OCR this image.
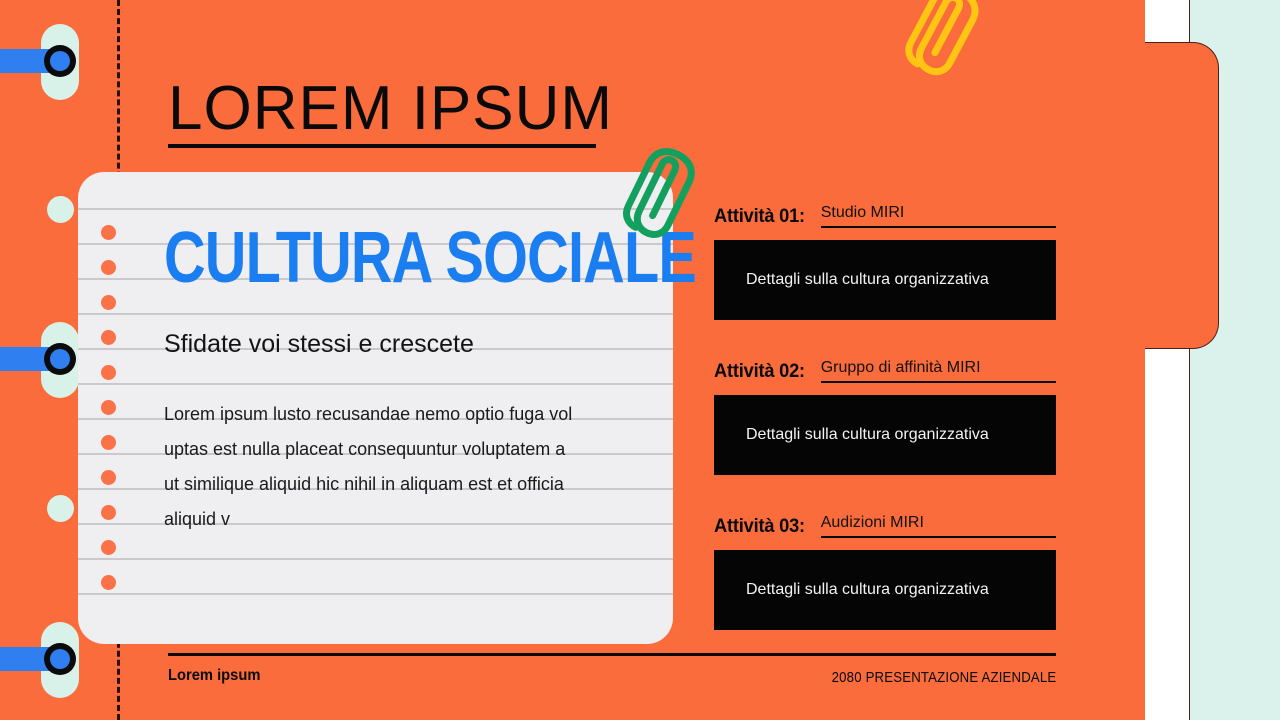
LOREM IPSUM
CULTURA SOCIALE
Sfidate voi stessi e crescete
Lorem ipsum lusto recusandae nemo optio fuga vol
uptas est nulla placeat consequuntur voluptatem a
ut similique aliquid hic nihil in aliquam est et officia
aliquid v
Attività 01: Studio MIRI
Dettagli sulla cultura organizzativa
Attività 02: Gruppo di affinità MIRI
Dettagli sulla cultura organizzativa
Attività 03: Audizioni MIRI
Dettagli sulla cultura organizzativa
Lorem ipsum	2080 PRESENTAZIONE AZIENDALE
